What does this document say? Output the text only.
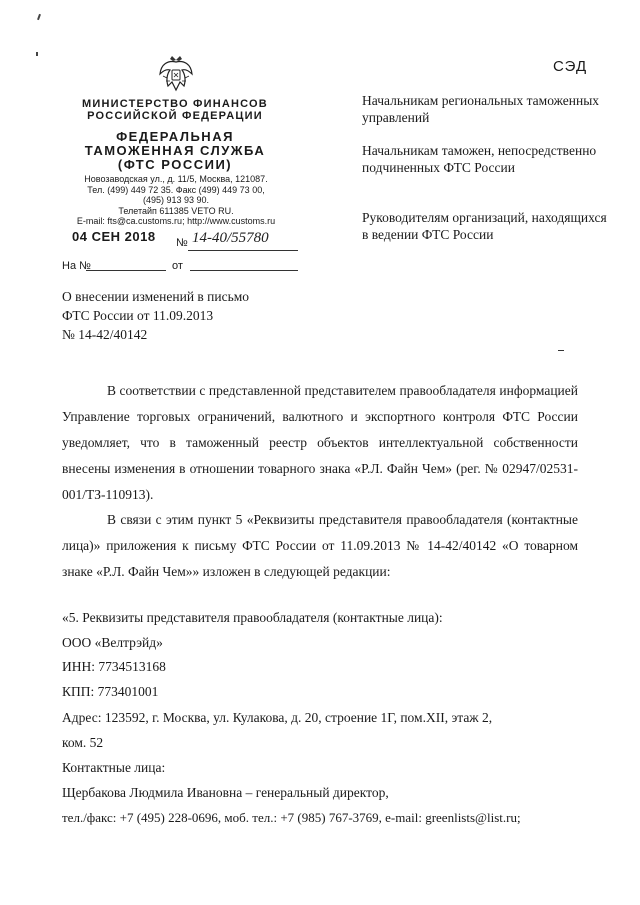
СЭД
МИНИСТЕРСТВО ФИНАНСОВ
РОССИЙСКОЙ ФЕДЕРАЦИИ
ФЕДЕРАЛЬНАЯ
ТАМОЖЕННАЯ СЛУЖБА
(ФТС РОССИИ)
Новозаводская ул., д. 11/5, Москва, 121087.
Тел. (499) 449 72 35. Факс (499) 449 73 00,
(495) 913 93 90.
Телетайп 611385 VETO RU.
E-mail: fts@ca.customs.ru; http://www.customs.ru
04 СЕН 2018 № 14-40/55780
На №	от
Начальникам региональных таможенных управлений
Начальникам таможен, непосредственно подчиненных ФТС России
Руководителям организаций, находящихся в ведении ФТС России
О внесении изменений в письмо
ФТС России от 11.09.2013
№ 14-42/40142
В соответствии с представленной представителем правообладателя информацией Управление торговых ограничений, валютного и экспортного контроля ФТС России уведомляет, что в таможенный реестр объектов интеллектуальной собственности внесены изменения в отношении товарного знака «Р.Л. Файн Чем» (рег. № 02947/02531-001/ТЗ-110913).
В связи с этим пункт 5 «Реквизиты представителя правообладателя (контактные лица)» приложения к письму ФТС России от 11.09.2013 № 14-42/40142 «О товарном знаке «Р.Л. Файн Чем»» изложен в следующей редакции:
«5. Реквизиты представителя правообладателя (контактные лица):
ООО «Велтрэйд»
ИНН: 7734513168
КПП: 773401001
Адрес: 123592, г. Москва, ул. Кулакова, д. 20, строение 1Г, пом.XII, этаж 2,
ком. 52
Контактные лица:
Щербакова Людмила Ивановна – генеральный директор,
тел./факс: +7 (495) 228-0696, моб. тел.: +7 (985) 767-3769, e-mail: greenlists@list.ru;
